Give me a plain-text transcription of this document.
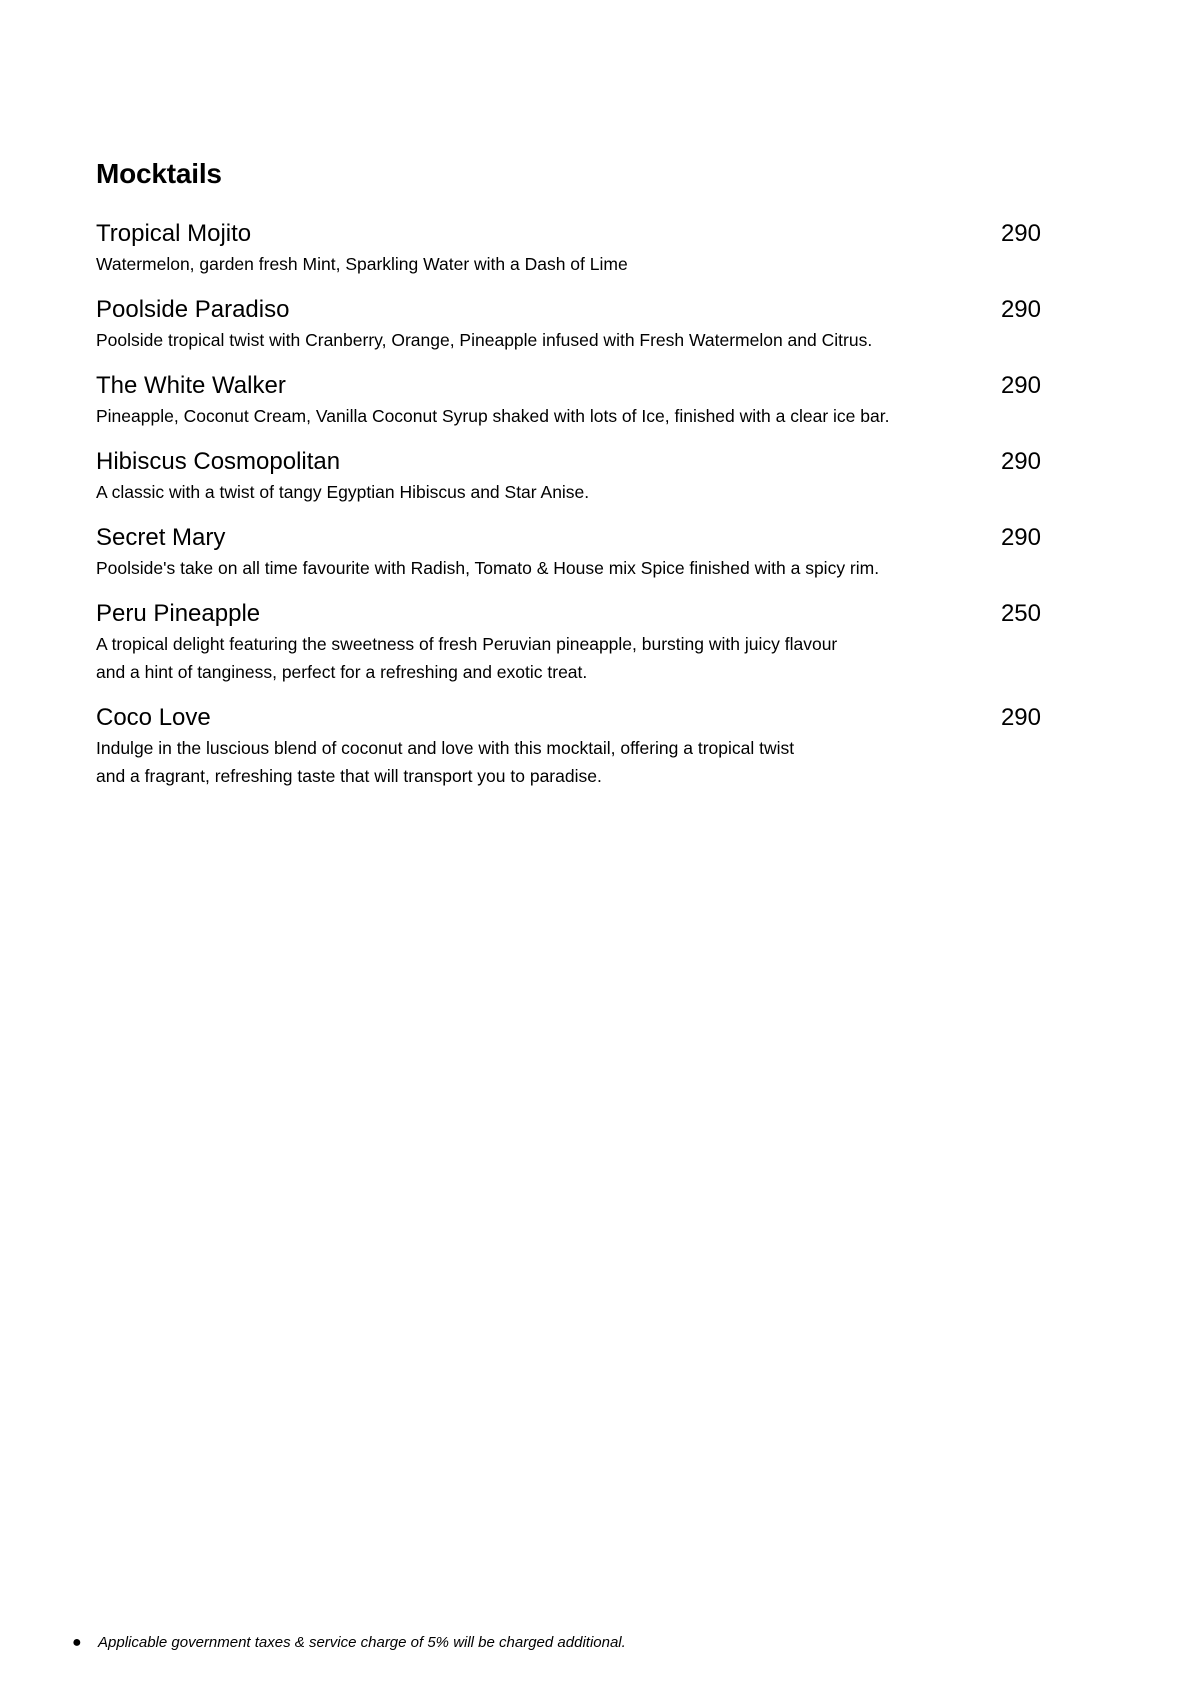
Mocktails
Tropical Mojito	290

Watermelon, garden fresh Mint, Sparkling Water with a Dash of Lime

Poolside Paradiso	290

Poolside tropical twist with Cranberry, Orange, Pineapple infused with Fresh Watermelon and Citrus.

The White Walker	290

Pineapple, Coconut Cream, Vanilla Coconut Syrup shaked with lots of Ice, finished with a clear ice bar.

Hibiscus Cosmopolitan	290

A classic with a twist of tangy Egyptian Hibiscus and Star Anise.

Secret Mary	290

Poolside's take on all time favourite with Radish, Tomato & House mix Spice finished with a spicy rim.

Peru Pineapple	250

A tropical delight featuring the sweetness of fresh Peruvian pineapple, bursting with juicy flavour
and a hint of tanginess, perfect for a refreshing and exotic treat.

Coco Love	290

Indulge in the luscious blend of coconut and love with this mocktail, offering a tropical twist
and a fragrant, refreshing taste that will transport you to paradise.

● Applicable government taxes & service charge of 5% will be charged additional.
